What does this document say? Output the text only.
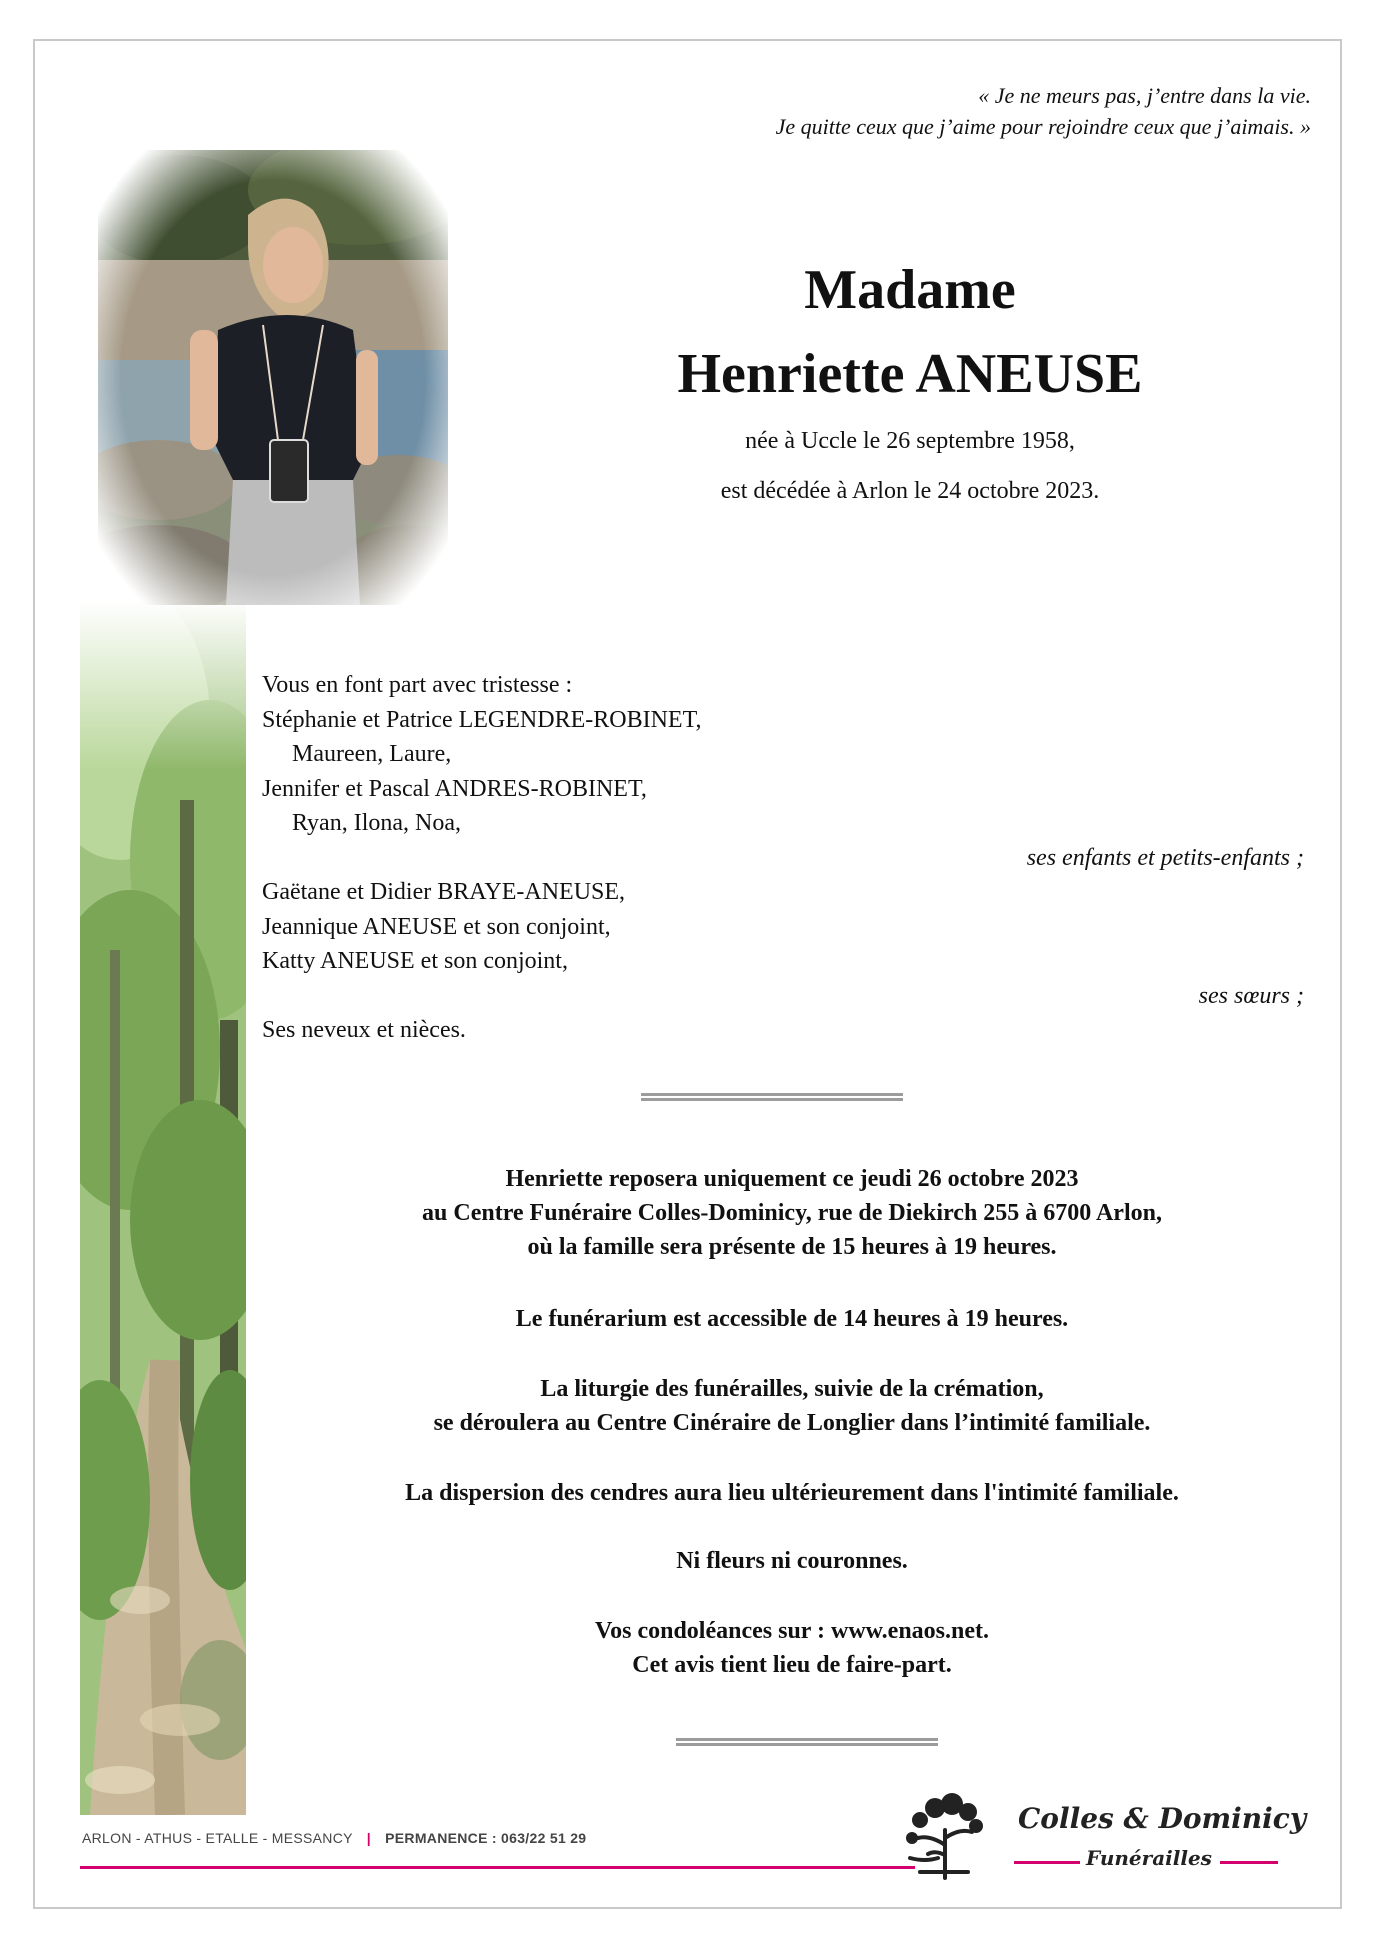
« Je ne meurs pas, j’entre dans la vie.
Je quitte ceux que j’aime pour rejoindre ceux que j’aimais. »
Madame
Henriette ANEUSE
née à Uccle le 26 septembre 1958,
est décédée à Arlon le 24 octobre 2023.
Vous en font part avec tristesse :
Stéphanie et Patrice LEGENDRE-ROBINET,
Maureen, Laure,
Jennifer et Pascal ANDRES-ROBINET,
Ryan, Ilona, Noa,
ses enfants et petits-enfants ;
Gaëtane et Didier BRAYE-ANEUSE,
Jeannique ANEUSE et son conjoint,
Katty ANEUSE et son conjoint,
ses sœurs ;
Ses neveux et nièces.
Henriette reposera uniquement ce jeudi 26 octobre 2023
au Centre Funéraire Colles-Dominicy, rue de Diekirch 255 à 6700 Arlon,
où la famille sera présente de 15 heures à 19 heures.
Le funérarium est accessible de 14 heures à 19 heures.
La liturgie des funérailles, suivie de la crémation,
se déroulera au Centre Cinéraire de Longlier dans l’intimité familiale.
La dispersion des cendres aura lieu ultérieurement dans l'intimité familiale.
Ni fleurs ni couronnes.
Vos condoléances sur : www.enaos.net.
Cet avis tient lieu de faire-part.
ARLON - ATHUS - ETALLE - MESSANCY | PERMANENCE : 063/22 51 29
Colles & Dominicy
Funérailles
